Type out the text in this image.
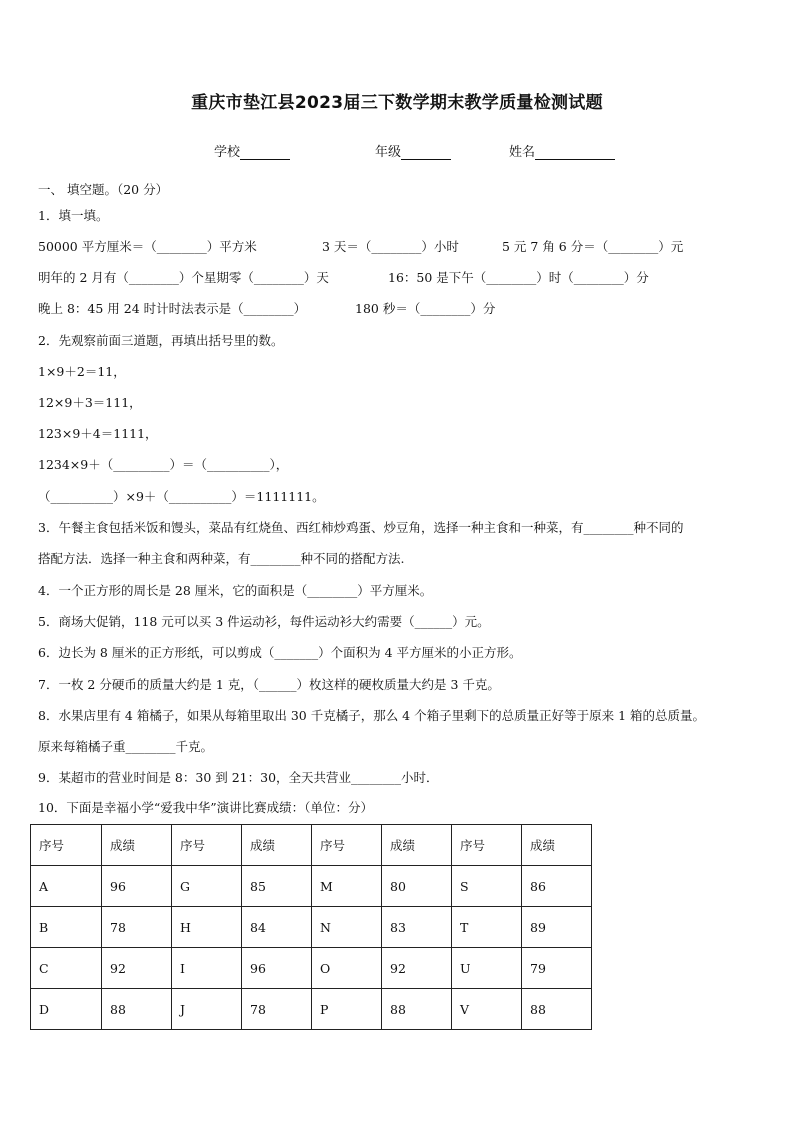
重庆市垫江县2023届三下数学期末教学质量检测试题
学校	年级	姓名
一、 填空题。（20 分）
1．填一填。
50000 平方厘米＝（________）平方米	3 天＝（________）小时	5 元 7 角 6 分＝（________）元
明年的 2 月有（________）个星期零（________）天	16：50 是下午（________）时（________）分
晚上 8：45 用 24 时计时法表示是（________）	180 秒＝（________）分
2．先观察前面三道题，再填出括号里的数。
1×9＋2＝11，
12×9＋3＝111，
123×9＋4＝1111，
1234×9＋（_________）＝（__________），
（__________）×9＋（__________）＝1111111。
3．午餐主食包括米饭和馒头，菜品有红烧鱼、西红柿炒鸡蛋、炒豆角，选择一种主食和一种菜，有________种不同的
搭配方法．选择一种主食和两种菜，有________种不同的搭配方法.
4．一个正方形的周长是 28 厘米，它的面积是（________）平方厘米。
5．商场大促销，118 元可以买 3 件运动衫，每件运动衫大约需要（______）元。
6．边长为 8 厘米的正方形纸，可以剪成（_______）个面积为 4 平方厘米的小正方形。
7．一枚 2 分硬币的质量大约是 1 克，（______）枚这样的硬枚质量大约是 3 千克。
8．水果店里有 4 箱橘子，如果从每箱里取出 30 千克橘子，那么 4 个箱子里剩下的总质量正好等于原来 1 箱的总质量。
原来每箱橘子重________千克。
9．某超市的营业时间是 8：30 到 21：30，全天共营业________小时．
10．下面是幸福小学“爱我中华”演讲比赛成绩：（单位：分）
序号	成绩	序号	成绩	序号	成绩	序号	成绩
A	96	G	85	M	80	S	86
B	78	H	84	N	83	T	89
C	92	I	96	O	92	U	79
D	88	J	78	P	88	V	88
